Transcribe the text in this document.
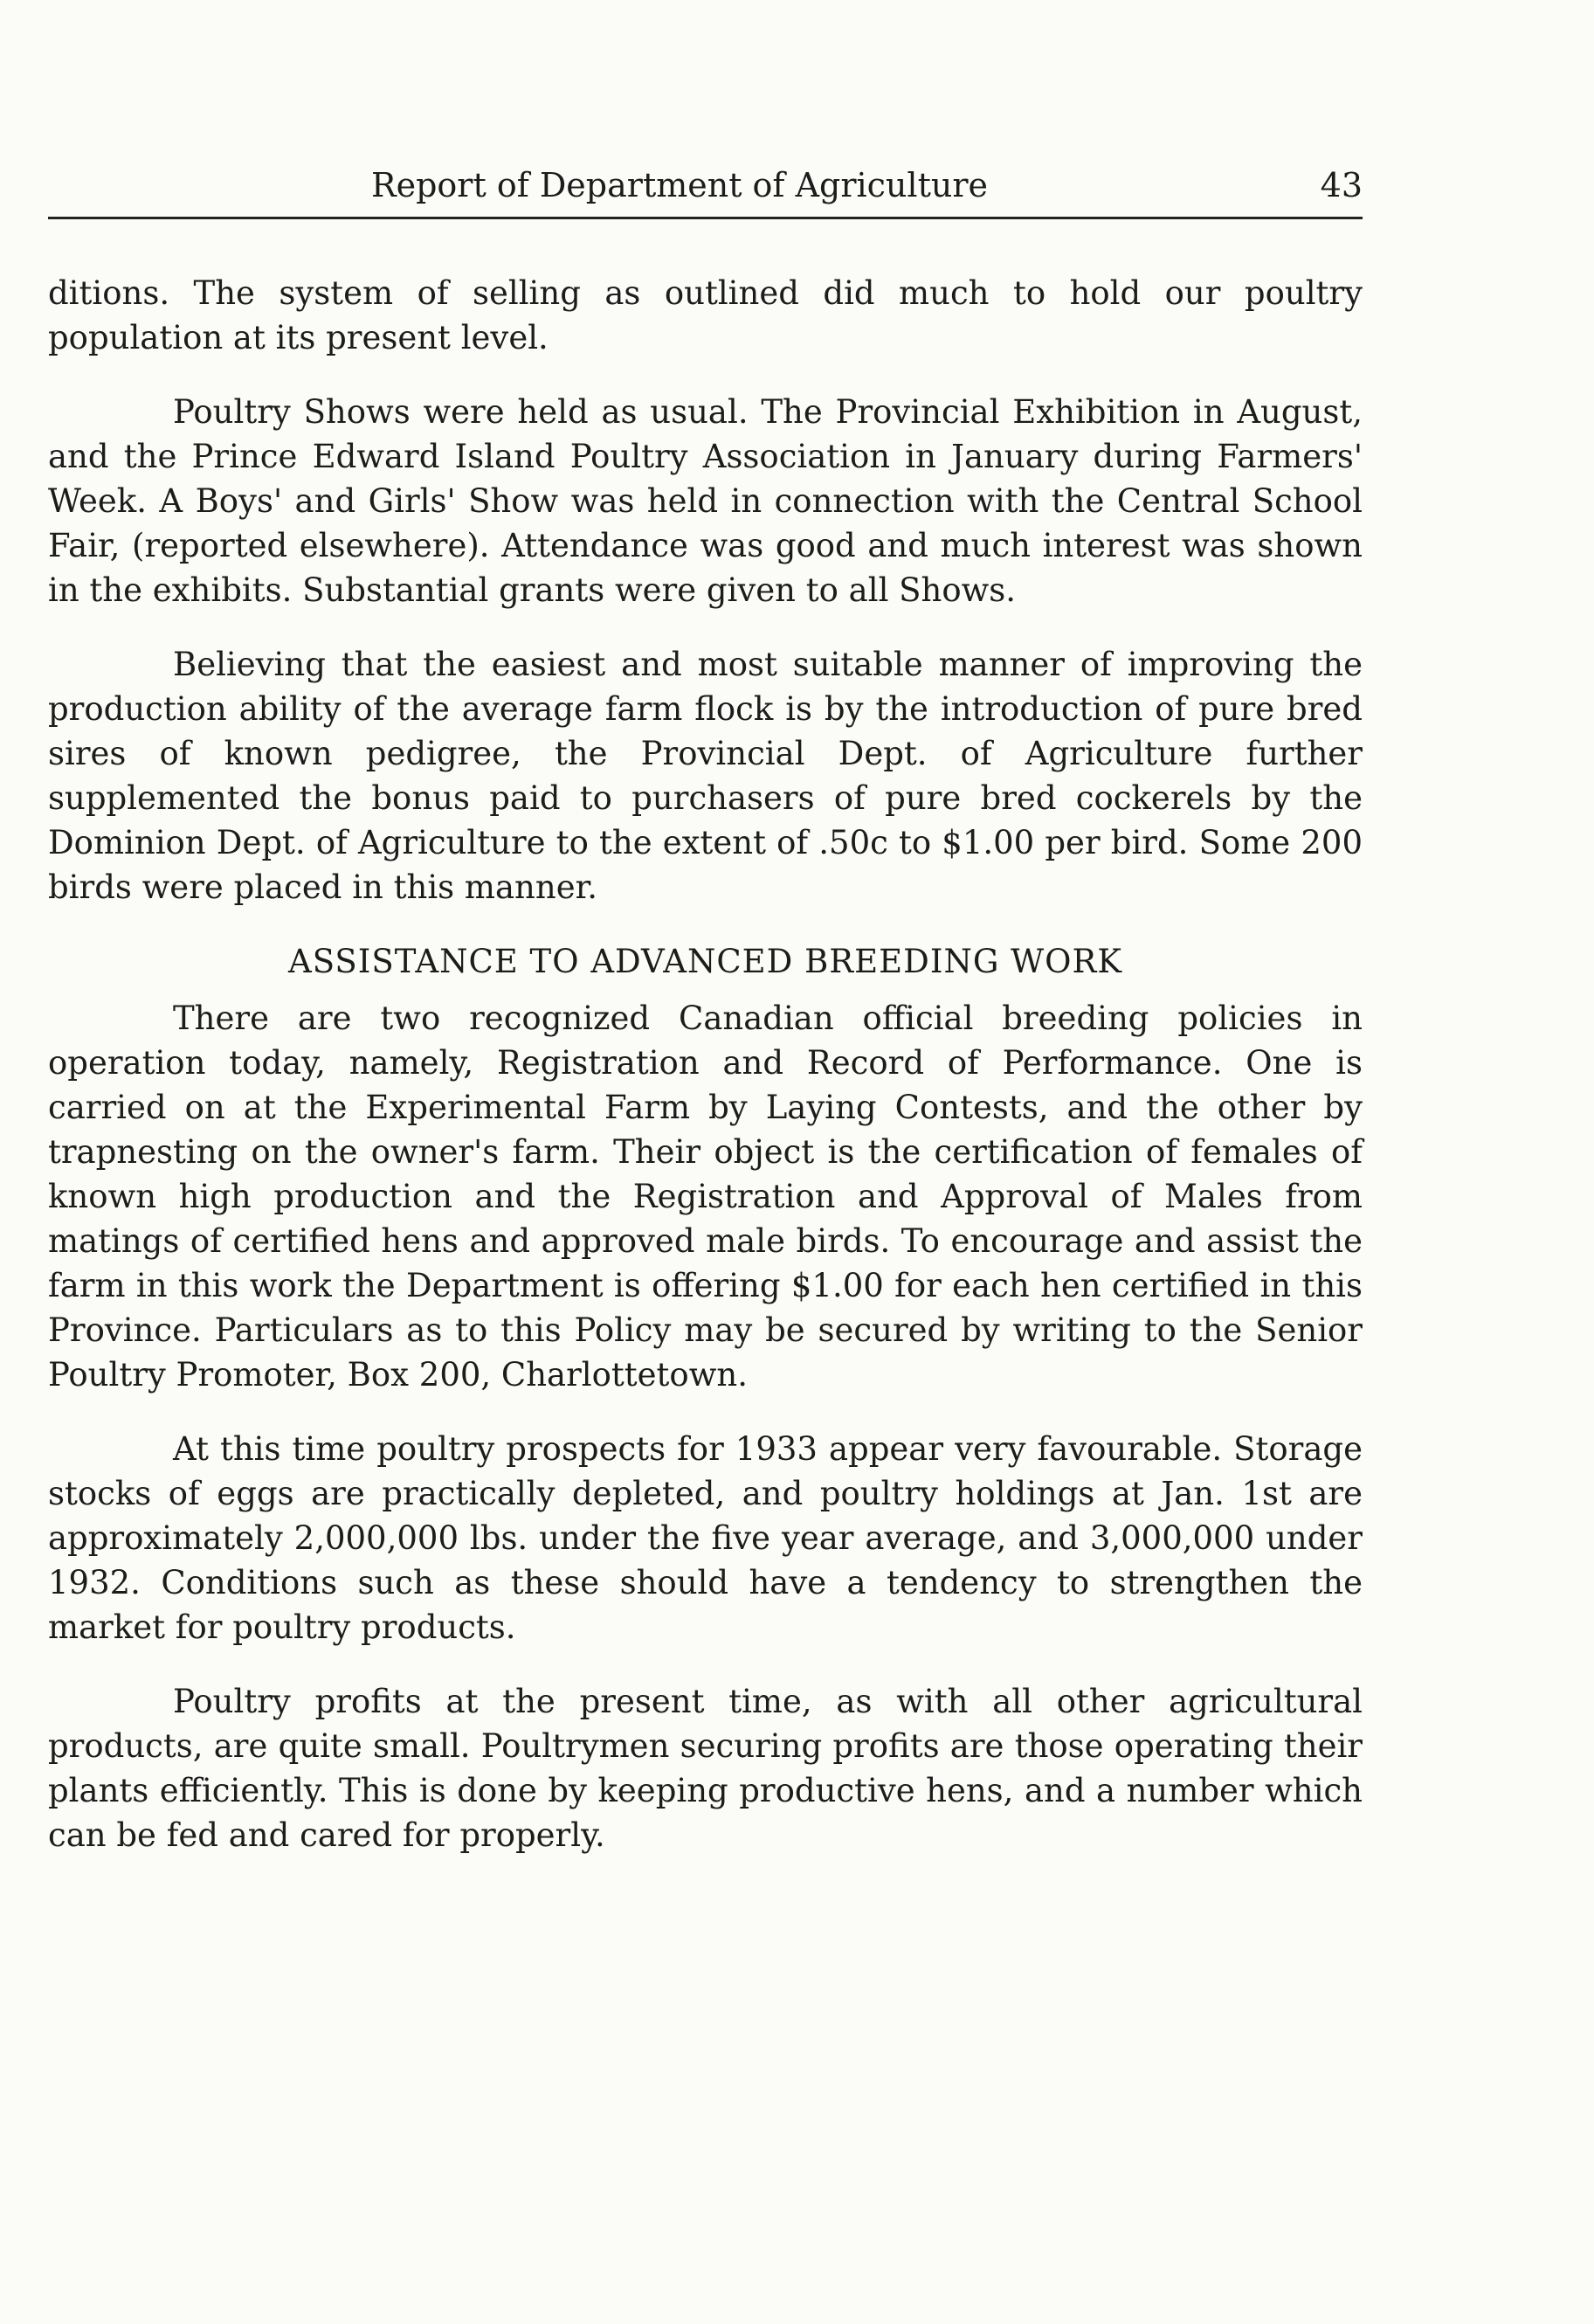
Report of Department of Agriculture	43

ditions. The system of selling as outlined did much to hold our poultry population at its present level.

Poultry Shows were held as usual. The Provincial Exhibition in August, and the Prince Edward Island Poultry Association in January during Farmers' Week. A Boys' and Girls' Show was held in connection with the Central School Fair, (reported elsewhere). Attendance was good and much interest was shown in the exhibits. Substantial grants were given to all Shows.

Believing that the easiest and most suitable manner of improving the production ability of the average farm flock is by the introduction of pure bred sires of known pedigree, the Provincial Dept. of Agriculture further supplemented the bonus paid to purchasers of pure bred cockerels by the Dominion Dept. of Agriculture to the extent of .50c to $1.00 per bird. Some 200 birds were placed in this manner.

ASSISTANCE TO ADVANCED BREEDING WORK

There are two recognized Canadian official breeding policies in operation today, namely, Registration and Record of Performance. One is carried on at the Experimental Farm by Laying Contests, and the other by trapnesting on the owner's farm. Their object is the certification of females of known high production and the Registration and Approval of Males from matings of certified hens and approved male birds. To encourage and assist the farm in this work the Department is offering $1.00 for each hen certified in this Province. Particulars as to this Policy may be secured by writing to the Senior Poultry Promoter, Box 200, Charlottetown.

At this time poultry prospects for 1933 appear very favourable. Storage stocks of eggs are practically depleted, and poultry holdings at Jan. 1st are approximately 2,000,000 lbs. under the five year average, and 3,000,000 under 1932. Conditions such as these should have a tendency to strengthen the market for poultry products.

Poultry profits at the present time, as with all other agricultural products, are quite small. Poultrymen securing profits are those operating their plants efficiently. This is done by keeping productive hens, and a number which can be fed and cared for properly.
